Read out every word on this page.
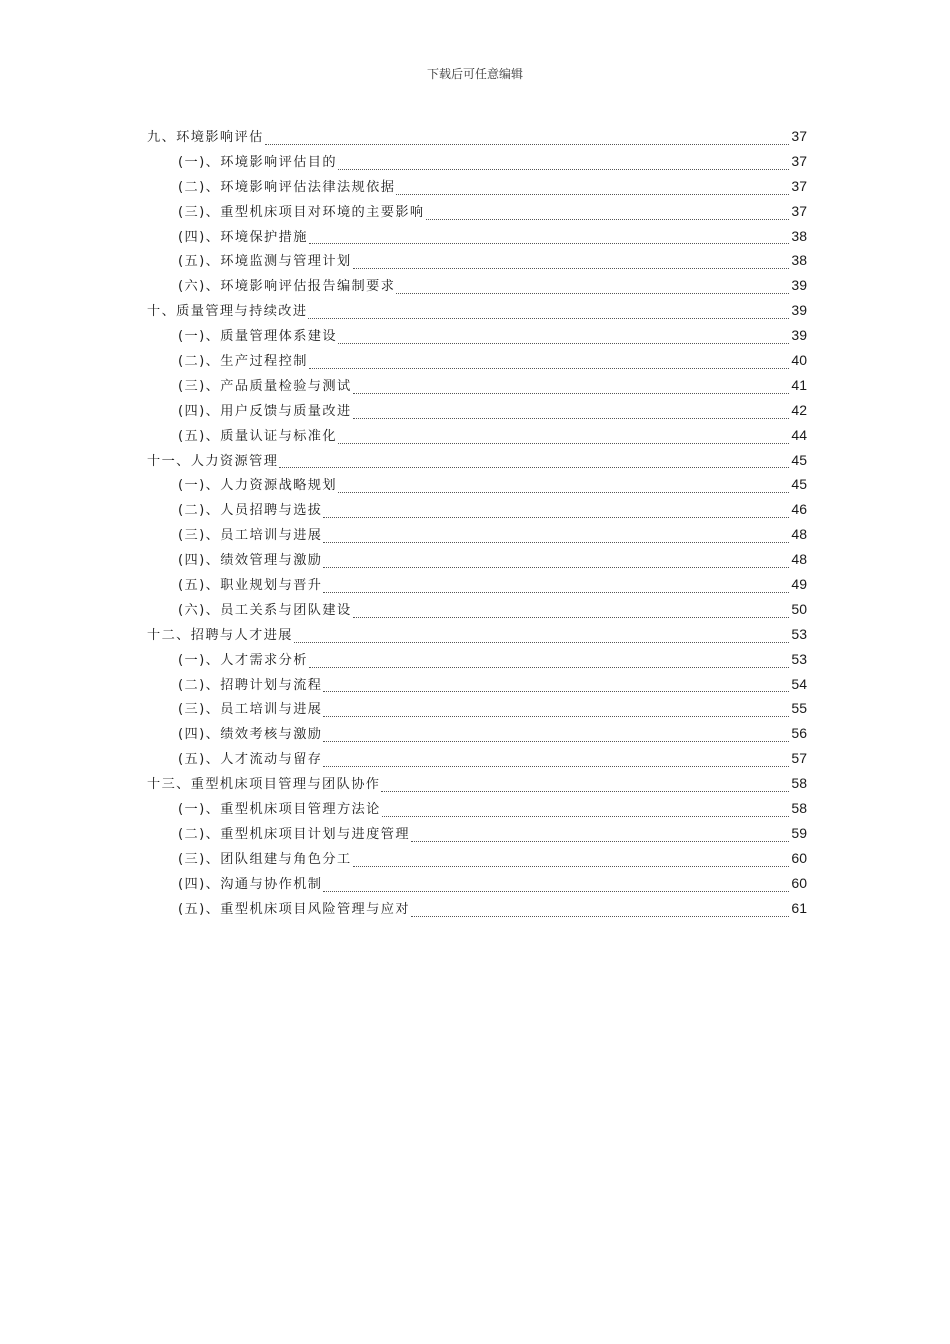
下载后可任意编辑
九、环境影响评估	37
(一)、环境影响评估目的	37
(二)、环境影响评估法律法规依据	37
(三)、重型机床项目对环境的主要影响	37
(四)、环境保护措施	38
(五)、环境监测与管理计划	38
(六)、环境影响评估报告编制要求	39
十、质量管理与持续改进	39
(一)、质量管理体系建设	39
(二)、生产过程控制	40
(三)、产品质量检验与测试	41
(四)、用户反馈与质量改进	42
(五)、质量认证与标准化	44
十一、人力资源管理	45
(一)、人力资源战略规划	45
(二)、人员招聘与选拔	46
(三)、员工培训与进展	48
(四)、绩效管理与激励	48
(五)、职业规划与晋升	49
(六)、员工关系与团队建设	50
十二、招聘与人才进展	53
(一)、人才需求分析	53
(二)、招聘计划与流程	54
(三)、员工培训与进展	55
(四)、绩效考核与激励	56
(五)、人才流动与留存	57
十三、重型机床项目管理与团队协作	58
(一)、重型机床项目管理方法论	58
(二)、重型机床项目计划与进度管理	59
(三)、团队组建与角色分工	60
(四)、沟通与协作机制	60
(五)、重型机床项目风险管理与应对	61
